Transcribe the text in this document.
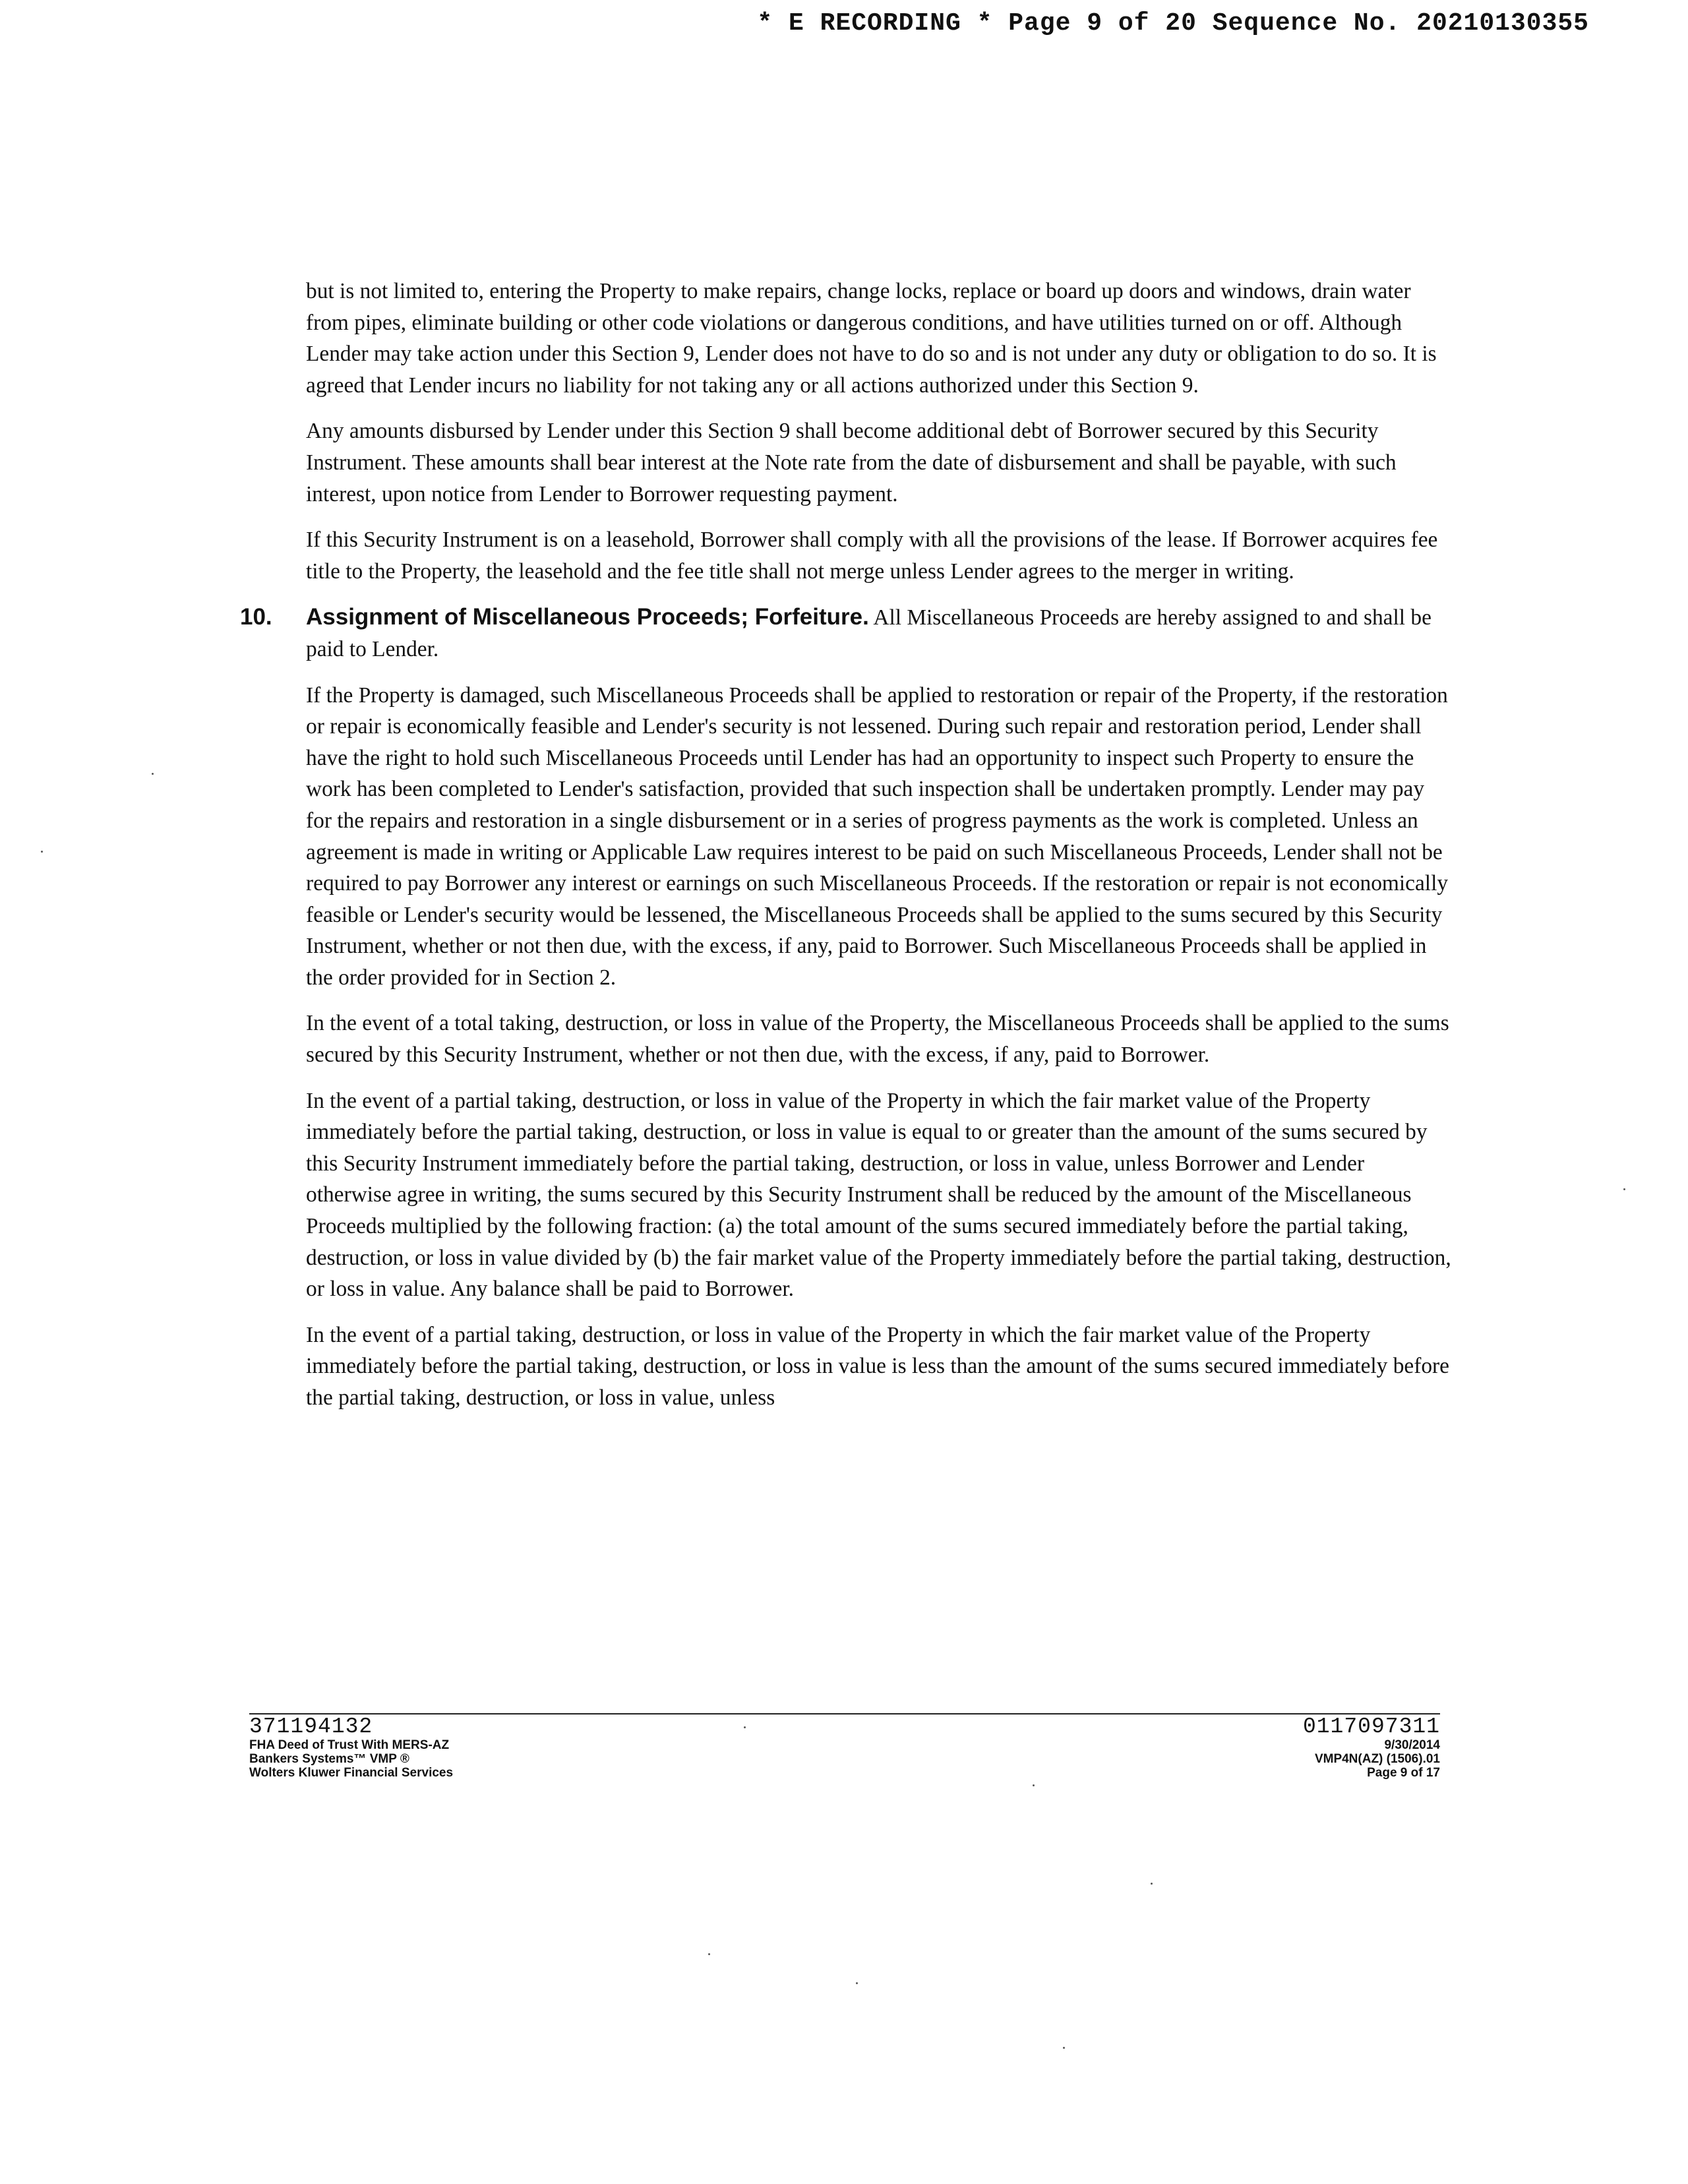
* E RECORDING * Page 9 of 20 Sequence No. 20210130355

but is not limited to, entering the Property to make repairs, change locks, replace or board up doors and windows, drain water from pipes, eliminate building or other code violations or dangerous conditions, and have utilities turned on or off. Although Lender may take action under this Section 9, Lender does not have to do so and is not under any duty or obligation to do so. It is agreed that Lender incurs no liability for not taking any or all actions authorized under this Section 9.

Any amounts disbursed by Lender under this Section 9 shall become additional debt of Borrower secured by this Security Instrument. These amounts shall bear interest at the Note rate from the date of disbursement and shall be payable, with such interest, upon notice from Lender to Borrower requesting payment.

If this Security Instrument is on a leasehold, Borrower shall comply with all the provisions of the lease. If Borrower acquires fee title to the Property, the leasehold and the fee title shall not merge unless Lender agrees to the merger in writing.

10. Assignment of Miscellaneous Proceeds; Forfeiture. All Miscellaneous Proceeds are hereby assigned to and shall be paid to Lender.

If the Property is damaged, such Miscellaneous Proceeds shall be applied to restoration or repair of the Property, if the restoration or repair is economically feasible and Lender's security is not lessened. During such repair and restoration period, Lender shall have the right to hold such Miscellaneous Proceeds until Lender has had an opportunity to inspect such Property to ensure the work has been completed to Lender's satisfaction, provided that such inspection shall be undertaken promptly. Lender may pay for the repairs and restoration in a single disbursement or in a series of progress payments as the work is completed. Unless an agreement is made in writing or Applicable Law requires interest to be paid on such Miscellaneous Proceeds, Lender shall not be required to pay Borrower any interest or earnings on such Miscellaneous Proceeds. If the restoration or repair is not economically feasible or Lender's security would be lessened, the Miscellaneous Proceeds shall be applied to the sums secured by this Security Instrument, whether or not then due, with the excess, if any, paid to Borrower. Such Miscellaneous Proceeds shall be applied in the order provided for in Section 2.

In the event of a total taking, destruction, or loss in value of the Property, the Miscellaneous Proceeds shall be applied to the sums secured by this Security Instrument, whether or not then due, with the excess, if any, paid to Borrower.

In the event of a partial taking, destruction, or loss in value of the Property in which the fair market value of the Property immediately before the partial taking, destruction, or loss in value is equal to or greater than the amount of the sums secured by this Security Instrument immediately before the partial taking, destruction, or loss in value, unless Borrower and Lender otherwise agree in writing, the sums secured by this Security Instrument shall be reduced by the amount of the Miscellaneous Proceeds multiplied by the following fraction: (a) the total amount of the sums secured immediately before the partial taking, destruction, or loss in value divided by (b) the fair market value of the Property immediately before the partial taking, destruction, or loss in value. Any balance shall be paid to Borrower.

In the event of a partial taking, destruction, or loss in value of the Property in which the fair market value of the Property immediately before the partial taking, destruction, or loss in value is less than the amount of the sums secured immediately before the partial taking, destruction, or loss in value, unless

371194132
FHA Deed of Trust With MERS-AZ
Bankers Systems™ VMP ®
Wolters Kluwer Financial Services
0117097311
9/30/2014
VMP4N(AZ) (1506).01
Page 9 of 17
